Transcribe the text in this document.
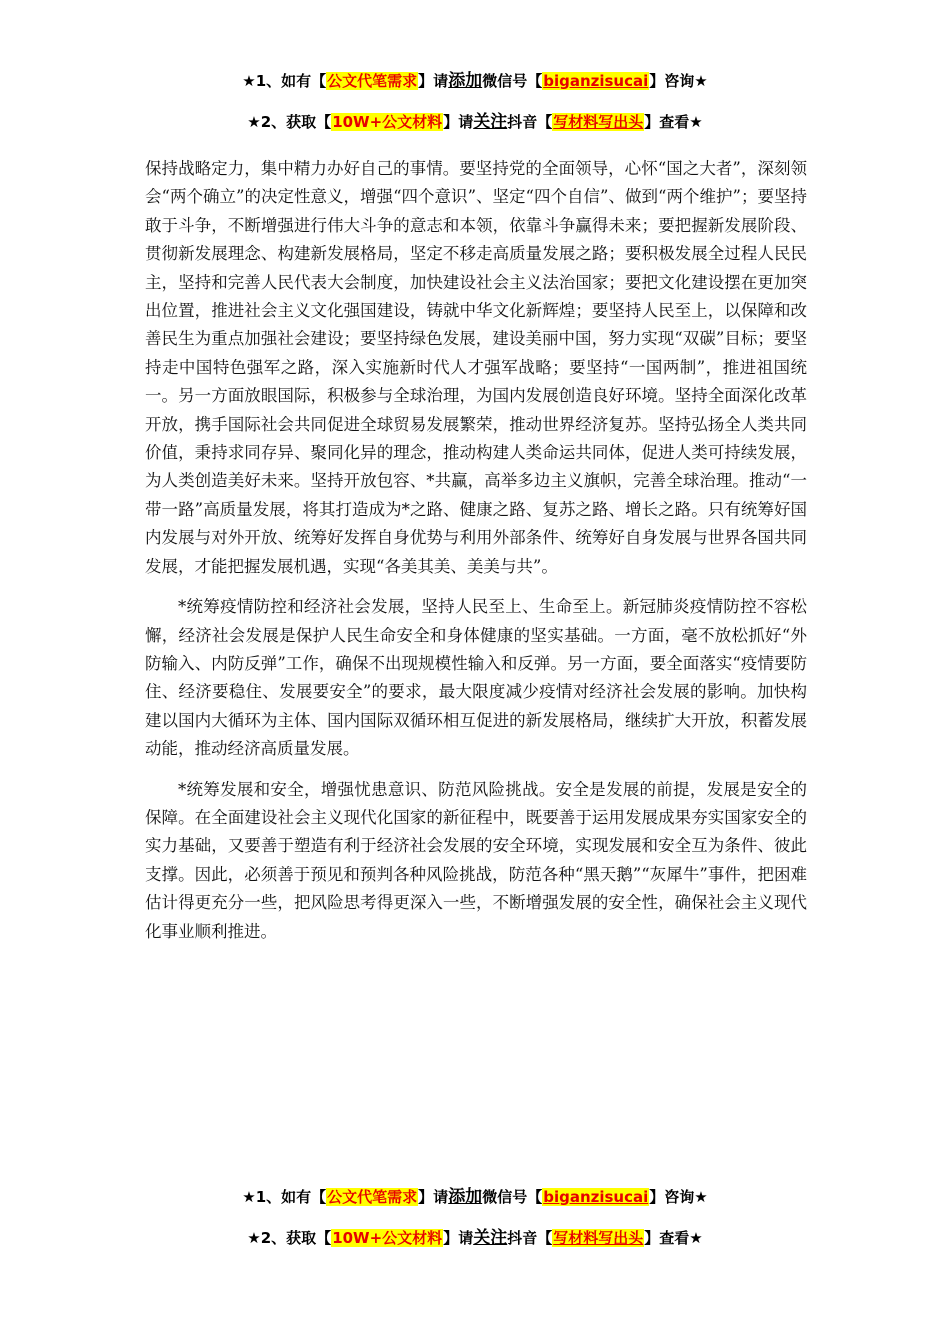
★1、如有【公文代笔需求】请添加微信号【biganzisucai】咨询★
★2、获取【10W+公文材料】请关注抖音【写材料写出头】查看★

保持战略定力，集中精力办好自己的事情。要坚持党的全面领导，心怀“国之大者”，深刻领会“两个确立”的决定性意义，增强“四个意识”、坚定“四个自信”、做到“两个维护”；要坚持敢于斗争，不断增强进行伟大斗争的意志和本领，依靠斗争赢得未来；要把握新发展阶段、贯彻新发展理念、构建新发展格局，坚定不移走高质量发展之路；要积极发展全过程人民民主，坚持和完善人民代表大会制度，加快建设社会主义法治国家；要把文化建设摆在更加突出位置，推进社会主义文化强国建设，铸就中华文化新辉煌；要坚持人民至上，以保障和改善民生为重点加强社会建设；要坚持绿色发展，建设美丽中国，努力实现“双碳”目标；要坚持走中国特色强军之路，深入实施新时代人才强军战略；要坚持“一国两制”，推进祖国统一。另一方面放眼国际，积极参与全球治理，为国内发展创造良好环境。坚持全面深化改革开放，携手国际社会共同促进全球贸易发展繁荣，推动世界经济复苏。坚持弘扬全人类共同价值，秉持求同存异、聚同化异的理念，推动构建人类命运共同体，促进人类可持续发展，为人类创造美好未来。坚持开放包容、*共赢，高举多边主义旗帜，完善全球治理。推动“一带一路”高质量发展，将其打造成为*之路、健康之路、复苏之路、增长之路。只有统筹好国内发展与对外开放、统筹好发挥自身优势与利用外部条件、统筹好自身发展与世界各国共同发展，才能把握发展机遇，实现“各美其美、美美与共”。

*统筹疫情防控和经济社会发展，坚持人民至上、生命至上。新冠肺炎疫情防控不容松懈，经济社会发展是保护人民生命安全和身体健康的坚实基础。一方面，毫不放松抓好“外防输入、内防反弹”工作，确保不出现规模性输入和反弹。另一方面，要全面落实“疫情要防住、经济要稳住、发展要安全”的要求，最大限度减少疫情对经济社会发展的影响。加快构建以国内大循环为主体、国内国际双循环相互促进的新发展格局，继续扩大开放，积蓄发展动能，推动经济高质量发展。

*统筹发展和安全，增强忧患意识、防范风险挑战。安全是发展的前提，发展是安全的保障。在全面建设社会主义现代化国家的新征程中，既要善于运用发展成果夯实国家安全的实力基础，又要善于塑造有利于经济社会发展的安全环境，实现发展和安全互为条件、彼此支撑。因此，必须善于预见和预判各种风险挑战，防范各种“黑天鹅”“灰犀牛”事件，把困难估计得更充分一些，把风险思考得更深入一些，不断增强发展的安全性，确保社会主义现代化事业顺利推进。

★1、如有【公文代笔需求】请添加微信号【biganzisucai】咨询★
★2、获取【10W+公文材料】请关注抖音【写材料写出头】查看★
